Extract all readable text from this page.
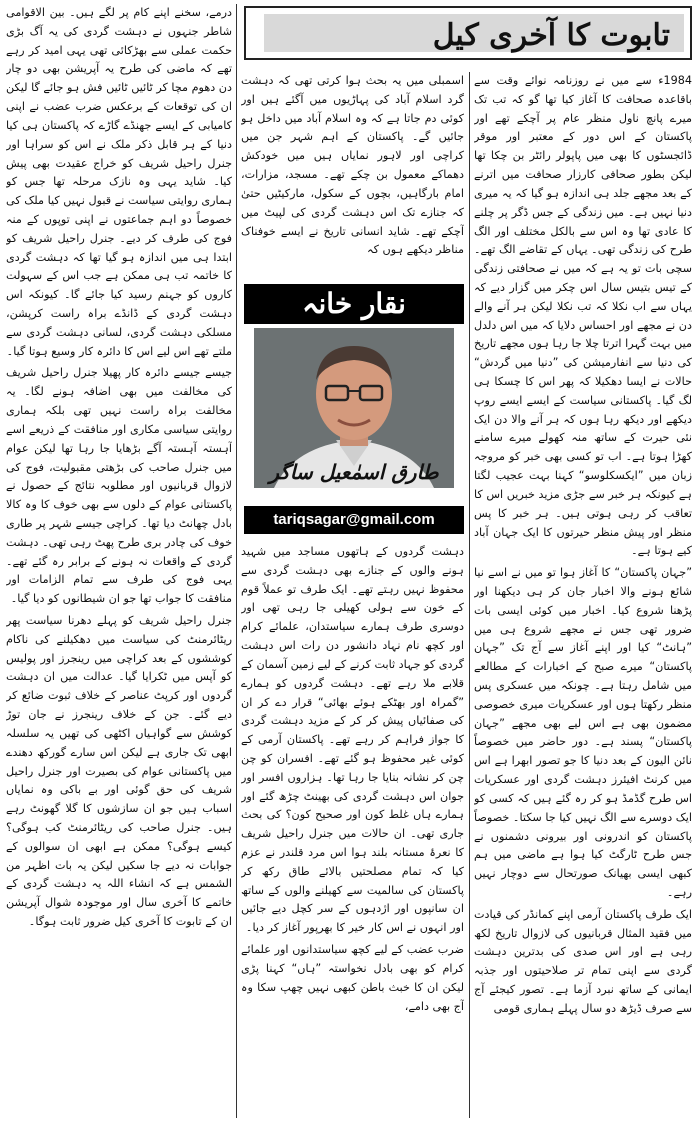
تابوت کا آخری کیل

1984ء سے میں نے روزنامہ نوائے وقت سے باقاعدہ صحافت کا آغاز کیا تھا گو کہ تب تک میرے پانچ ناول منظر عام پر آچکے تھے اور پاکستان کے اس دور کے معتبر اور موقر ڈائجسٹوں کا بھی میں پاپولر رائٹر بن چکا تھا لیکن بطور صحافی کارزار صحافت میں اترنے کے بعد مجھے جلد ہی اندازہ ہو گیا کہ یہ میری دنیا نہیں ہے۔ میں زندگی کے جس ڈگر پر چلنے کا عادی تھا وہ اس سے بالکل مختلف اور الگ طرح کی زندگی تھی۔ یہاں کے تقاضے الگ تھے۔ سچی بات تو یہ ہے کہ میں نے صحافتی زندگی کے تیس بتیس سال اس چکر میں گزار دیے کہ یہاں سے اب نکلا کہ تب نکلا لیکن ہر آنے والے دن نے مجھے اور احساس دلایا کہ میں اس دلدل میں بہت گہرا اترتا چلا جا رہا ہوں مجھے تاریخ کی دنیا سے انفارمیشن کی ”دنیا میں گردش“ حالات نے ایسا دھکیلا کہ پھر اس کا چسکا ہی لگ گیا۔ پاکستانی سیاست کے ایسے ایسے روپ دیکھے اور دیکھ رہا ہوں کہ ہر آنے والا دن ایک نئی حیرت کے ساتھ منہ کھولے میرے سامنے کھڑا ہوتا ہے۔ اب تو کسی بھی خبر کو مروجہ زبان میں ”ایکسکلوسو“ کہنا بہت عجیب لگتا ہے کیونکہ ہر خبر سے جڑی مزید خبریں اس کا تعاقب کر رہی ہوتی ہیں۔ ہر خبر کا پس منظر اور پیش منظر حیرتوں کا ایک جہان آباد کیے ہوتا ہے۔

”جہان پاکستان“ کا آغاز ہوا تو میں نے اسے نیا شائع ہونے والا اخبار جان کر ہی دیکھنا اور پڑھنا شروع کیا۔ اخبار میں کوئی ایسی بات ضرور تھی جس نے مجھے شروع ہی میں ”ہانٹ“ کیا اور اپنے آغاز سے آج تک ”جہان پاکستان“ میرے صبح کے اخبارات کے مطالعے میں شامل رہتا ہے۔ چونکہ میں عسکری پس منظر رکھتا ہوں اور عسکریات میری خصوصی مضمون بھی ہے اس لیے بھی مجھے ”جہان پاکستان“ پسند ہے۔ دور حاضر میں خصوصاً نائن الیون کے بعد دنیا کا جو تصور ابھرا ہے اس میں کرنٹ افیئرز دہشت گردی اور عسکریات اس طرح گڈمڈ ہو کر رہ گئے ہیں کہ کسی کو ایک دوسرے سے الگ نہیں کیا جا سکتا۔ خصوصاً پاکستان کو اندرونی اور بیرونی دشمنوں نے جس طرح ٹارگٹ کیا ہوا ہے ماضی میں ہم کبھی ایسی بھیانک صورتحال سے دوچار نہیں رہے۔

ایک طرف پاکستان آرمی اپنے کمانڈر کی قیادت میں فقید المثال قربانیوں کی لازوال تاریخ لکھ رہی ہے اور اس صدی کی بدترین دہشت گردی سے اپنی تمام تر صلاحیتوں اور جذبہ ایمانی کے ساتھ نبرد آزما ہے۔ تصور کیجئے آج سے صرف ڈیڑھ دو سال پہلے ہماری قومی

اسمبلی میں یہ بحث ہوا کرتی تھی کہ دہشت گرد اسلام آباد کی پہاڑیوں میں آگئے ہیں اور کوئی دم جاتا ہے کہ وہ اسلام آباد میں داخل ہو جائیں گے۔ پاکستان کے اہم شہر جن میں کراچی اور لاہور نمایاں ہیں میں خودکش دھماکے معمول بن چکے تھے۔ مسجد، مزارات، امام بارگاہیں، بچوں کے سکول، مارکیٹیں حتیٰ کہ جنازے تک اس دہشت گردی کی لپیٹ میں آچکے تھے۔ شاید انسانی تاریخ نے ایسے خوفناک مناظر دیکھے ہوں کہ

نقار خانہ
طارق اسمٰعیل ساگر
tariqsagar@gmail.com

دہشت گردوں کے ہاتھوں مساجد میں شہید ہونے والوں کے جنازے بھی دہشت گردی سے محفوظ نہیں رہتے تھے۔ ایک طرف تو عملاً قوم کے خون سے ہولی کھیلی جا رہی تھی اور دوسری طرف ہمارے سیاستدان، علمائے کرام اور کچھ نام نہاد دانشور دن رات اس دہشت گردی کو جہاد ثابت کرنے کے لیے زمین آسمان کے قلابے ملا رہے تھے۔ دہشت گردوں کو ہمارے ”گمراہ اور بھٹکے ہوئے بھائی“ قرار دے کر ان کی صفائیاں پیش کر کر کے مزید دہشت گردی کا جواز فراہم کر رہے تھے۔ پاکستان آرمی کے کوئی غیر محفوظ ہو گئے تھے۔ افسران کو چن چن کر نشانہ بنایا جا رہا تھا۔ ہزاروں افسر اور جوان اس دہشت گردی کی بھینٹ چڑھ گئے اور ہمارے ہاں غلط کون اور صحیح کون؟ کی بحث جاری تھی۔ ان حالات میں جنرل راحیل شریف کا نعرۂ مستانہ بلند ہوا اس مرد قلندر نے عزم کیا کہ تمام مصلحتیں بالائے طاق رکھ کر پاکستان کی سالمیت سے کھیلنے والوں کے ساتھ ان سانپوں اور اژدہوں کے سر کچل دیے جائیں اور انہوں نے اس کار خیر کا بھرپور آغاز کر دیا۔

ضرب عضب کے لیے کچھ سیاستدانوں اور علمائے کرام کو بھی بادل نخواستہ ”ہاں“ کہنا پڑی لیکن ان کا خبث باطن کبھی نہیں چھپ سکا وہ آج بھی دامے،

درمے، سخنے اپنے کام پر لگے ہیں۔ بین الاقوامی شاطر جنہوں نے دہشت گردی کی یہ آگ بڑی حکمت عملی سے بھڑکائی تھی یہی امید کر رہے تھے کہ ماضی کی طرح یہ آپریشن بھی دو چار دن دھوم مچا کر ٹائیں ٹائیں فش ہو جائے گا لیکن ان کی توقعات کے برعکس ضرب عضب نے اپنی کامیابی کے ایسے جھنڈے گاڑے کہ پاکستان ہی کیا دنیا کے ہر قابل ذکر ملک نے اس کو سراہا اور جنرل راحیل شریف کو خراج عقیدت بھی پیش کیا۔ شاید یہی وہ نازک مرحلہ تھا جس کو ہماری روایتی سیاست نے قبول نہیں کیا ملک کی خصوصاً دو اہم جماعتوں نے اپنی توپوں کے منہ فوج کی طرف کر دیے۔ جنرل راحیل شریف کو ابتدا ہی میں اندازہ ہو گیا تھا کہ دہشت گردی کا خاتمہ تب ہی ممکن ہے جب اس کے سہولت کاروں کو جہنم رسید کیا جائے گا۔ کیونکہ اس دہشت گردی کے ڈانڈے براہ راست کرپشن، مسلکی دہشت گردی، لسانی دہشت گردی سے ملتے تھے اس لیے اس کا دائرہ کار وسیع ہوتا گیا۔

جیسے جیسے دائرہ کار پھیلا جنرل راحیل شریف کی مخالفت میں بھی اضافہ ہونے لگا۔ یہ مخالفت براہ راست نہیں تھی بلکہ ہماری روایتی سیاسی مکاری اور منافقت کے ذریعے اسے آہستہ آہستہ آگے بڑھایا جا رہا تھا لیکن عوام میں جنرل صاحب کی بڑھتی مقبولیت، فوج کی لازوال قربانیوں اور مطلوبہ نتائج کے حصول نے پاکستانی عوام کے دلوں سے بھی خوف کا وہ کالا بادل چھانٹ دیا تھا۔ کراچی جیسے شہر پر طاری خوف کی چادر بری طرح پھٹ رہی تھی۔ دہشت گردی کے واقعات نہ ہونے کے برابر رہ گئے تھے۔ یہی فوج کی طرف سے تمام الزامات اور منافقت کا جواب تھا جو ان شیطانوں کو دیا گیا۔

جنرل راحیل شریف کو پہلے دھرنا سیاست پھر ریٹائرمنٹ کی سیاست میں دھکیلنے کی ناکام کوششوں کے بعد کراچی میں رینجرز اور پولیس کو آپس میں ٹکرایا گیا۔ عدالت میں ان دہشت گردوں اور کرپٹ عناصر کے خلاف ثبوت ضائع کر دیے گئے۔ جن کے خلاف رینجرز نے جان توڑ کوشش سے گواہیاں اکٹھی کی تھیں یہ سلسلہ ابھی تک جاری ہے لیکن اس سارے گورکھ دھندے میں پاکستانی عوام کی بصیرت اور جنرل راحیل شریف کی حق گوئی اور بے باکی وہ نمایاں اسباب ہیں جو ان سازشوں کا گلا گھونٹ رہے ہیں۔ جنرل صاحب کی ریٹائرمنٹ کب ہوگی؟ کیسے ہوگی؟ ممکن ہے ابھی ان سوالوں کے جوابات نہ دیے جا سکیں لیکن یہ بات اظہر من الشمس ہے کہ انشاء اللہ یہ دہشت گردی کے خاتمے کا آخری سال اور موجودہ شوال آپریشن ان کے تابوت کا آخری کیل ضرور ثابت ہوگا۔
